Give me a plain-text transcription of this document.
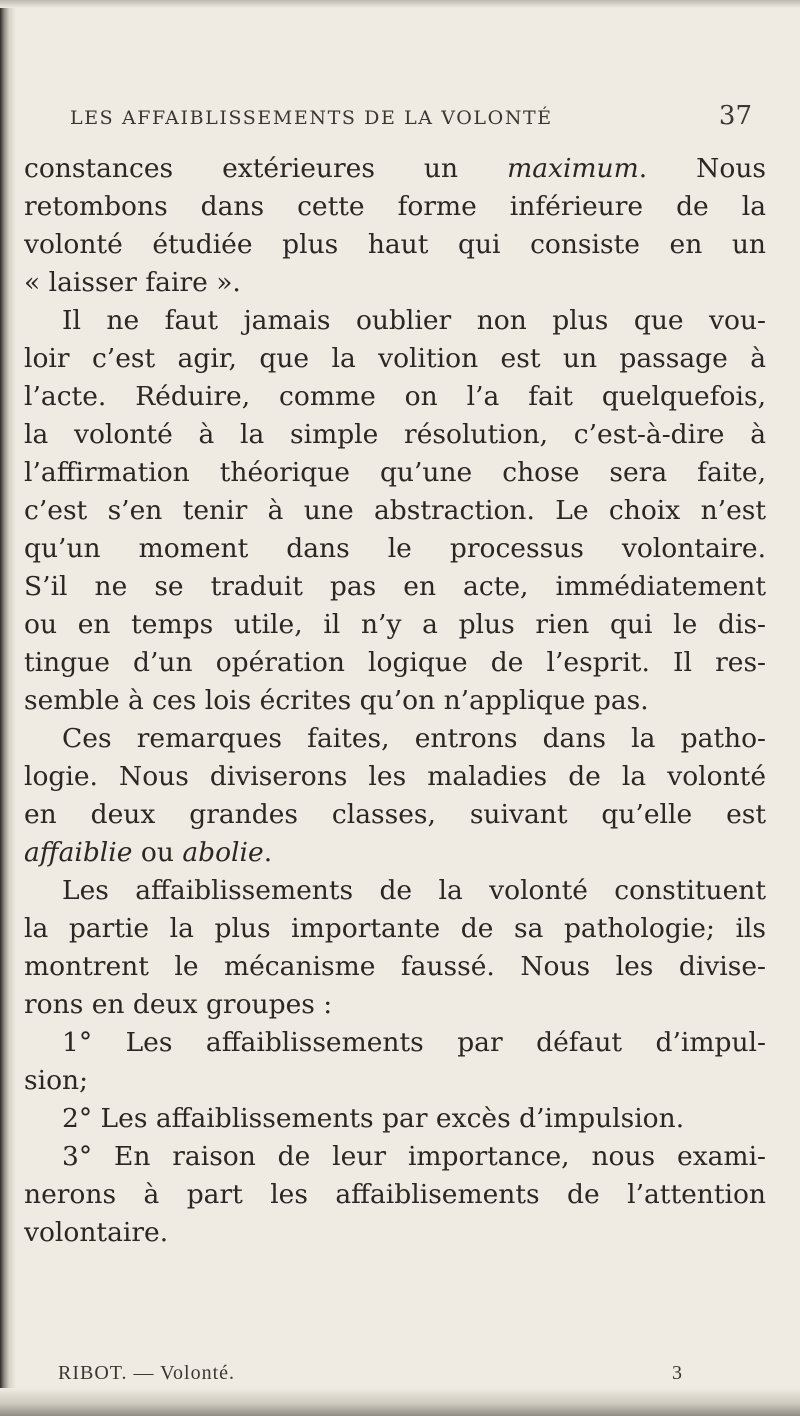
LES AFFAIBLISSEMENTS DE LA VOLONTÉ	37
constances extérieures un maximum. Nous
retombons dans cette forme inférieure de la
volonté étudiée plus haut qui consiste en un
« laisser faire ».
Il ne faut jamais oublier non plus que vou-
loir c’est agir, que la volition est un passage à
l’acte. Réduire, comme on l’a fait quelquefois,
la volonté à la simple résolution, c’est-à-dire à
l’affirmation théorique qu’une chose sera faite,
c’est s’en tenir à une abstraction. Le choix n’est
qu’un moment dans le processus volontaire.
S’il ne se traduit pas en acte, immédiatement
ou en temps utile, il n’y a plus rien qui le dis-
tingue d’un opération logique de l’esprit. Il res-
semble à ces lois écrites qu’on n’applique pas.
Ces remarques faites, entrons dans la patho-
logie. Nous diviserons les maladies de la volonté
en deux grandes classes, suivant qu’elle est
affaiblie ou abolie.
Les affaiblissements de la volonté constituent
la partie la plus importante de sa pathologie; ils
montrent le mécanisme faussé. Nous les divise-
rons en deux groupes :
1° Les affaiblissements par défaut d’impul-
sion;
2° Les affaiblissements par excès d’impulsion.
3° En raison de leur importance, nous exami-
nerons à part les affaiblisements de l’attention
volontaire.
RIBOT. — Volonté.	3
